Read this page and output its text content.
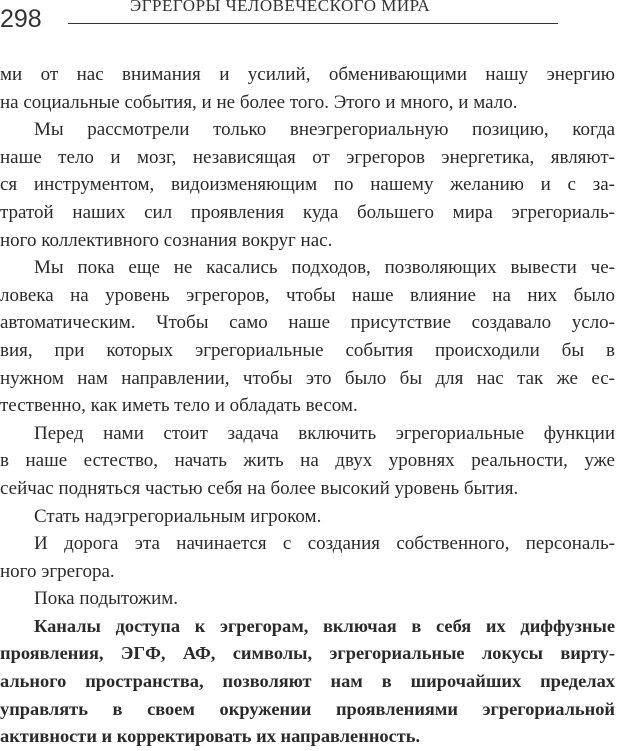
298	ЭГРЕГОРЫ ЧЕЛОВЕЧЕСКОГО МИРА
ми от нас внимания и усилий, обменивающими нашу энергию
на социальные события, и не более того. Этого и много, и мало.
Мы рассмотрели только внеэгрегориальную позицию, когда
наше тело и мозг, независящая от эгрегоров энергетика, являют-
ся инструментом, видоизменяющим по нашему желанию и с за-
тратой наших сил проявления куда большего мира эгрегориаль-
ного коллективного сознания вокруг нас.
Мы пока еще не касались подходов, позволяющих вывести че-
ловека на уровень эгрегоров, чтобы наше влияние на них было
автоматическим. Чтобы само наше присутствие создавало усло-
вия, при которых эгрегориальные события происходили бы в
нужном нам направлении, чтобы это было бы для нас так же ес-
тественно, как иметь тело и обладать весом.
Перед нами стоит задача включить эгрегориальные функции
в наше естество, начать жить на двух уровнях реальности, уже
сейчас подняться частью себя на более высокий уровень бытия.
Стать надэгрегориальным игроком.
И дорога эта начинается с создания собственного, персональ-
ного эгрегора.
Пока подытожим.
Каналы доступа к эгрегорам, включая в себя их диффузные
проявления, ЭГФ, АФ, символы, эгрегориальные локусы вирту-
ального пространства, позволяют нам в широчайших пределах
управлять в своем окружении проявлениями эгрегориальной
активности и корректировать их направленность.
